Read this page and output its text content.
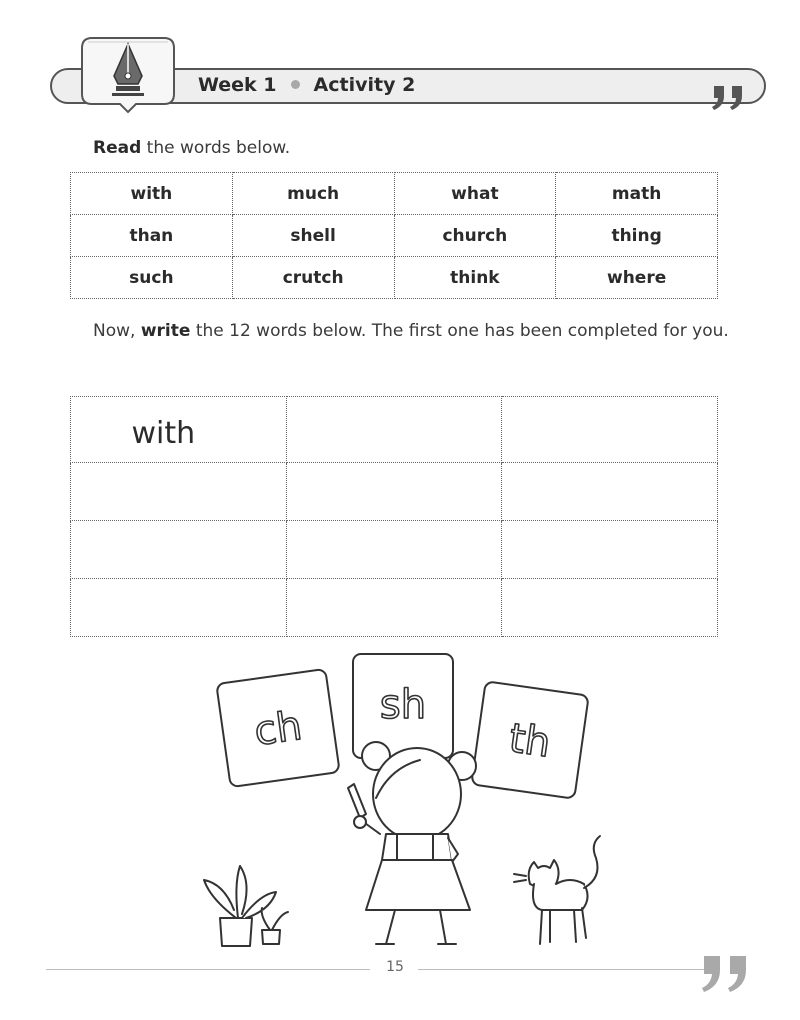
Week 1 Activity 2
Read the words below.
with	much	what	math
than	shell	church	thing
such	crutch	think	where
Now, write the 12 words below. The first one has been completed for you.
with		

ch sh
th
15
